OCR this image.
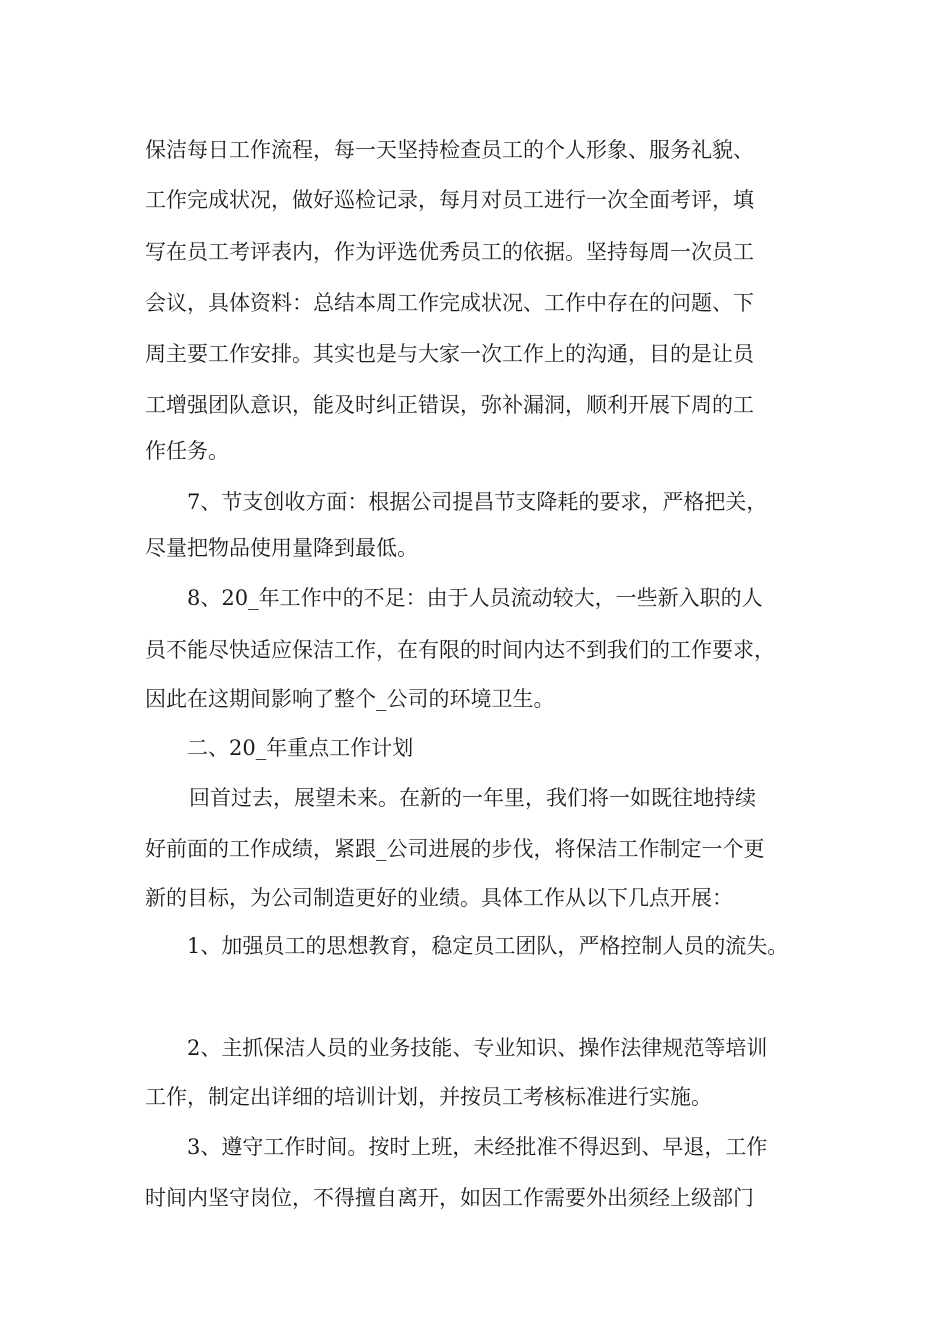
保洁每日工作流程，每一天坚持检查员工的个人形象、服务礼貌、
工作完成状况，做好巡检记录，每月对员工进行一次全面考评，填
写在员工考评表内，作为评选优秀员工的依据。坚持每周一次员工
会议，具体资料：总结本周工作完成状况、工作中存在的问题、下
周主要工作安排。其实也是与大家一次工作上的沟通，目的是让员
工增强团队意识，能及时纠正错误，弥补漏洞，顺利开展下周的工
作任务。
7、节支创收方面：根据公司提昌节支降耗的要求，严格把关，
尽量把物品使用量降到最低。
8、20_年工作中的不足：由于人员流动较大，一些新入职的人
员不能尽快适应保洁工作，在有限的时间内达不到我们的工作要求，
因此在这期间影响了整个_公司的环境卫生。
二、20_年重点工作计划
回首过去，展望未来。在新的一年里，我们将一如既往地持续
好前面的工作成绩，紧跟_公司进展的步伐，将保洁工作制定一个更
新的目标，为公司制造更好的业绩。具体工作从以下几点开展：
1、加强员工的思想教育，稳定员工团队，严格控制人员的流失。
2、主抓保洁人员的业务技能、专业知识、操作法律规范等培训
工作，制定出详细的培训计划，并按员工考核标准进行实施。
3、遵守工作时间。按时上班，未经批准不得迟到、早退，工作
时间内坚守岗位，不得擅自离开，如因工作需要外出须经上级部门
